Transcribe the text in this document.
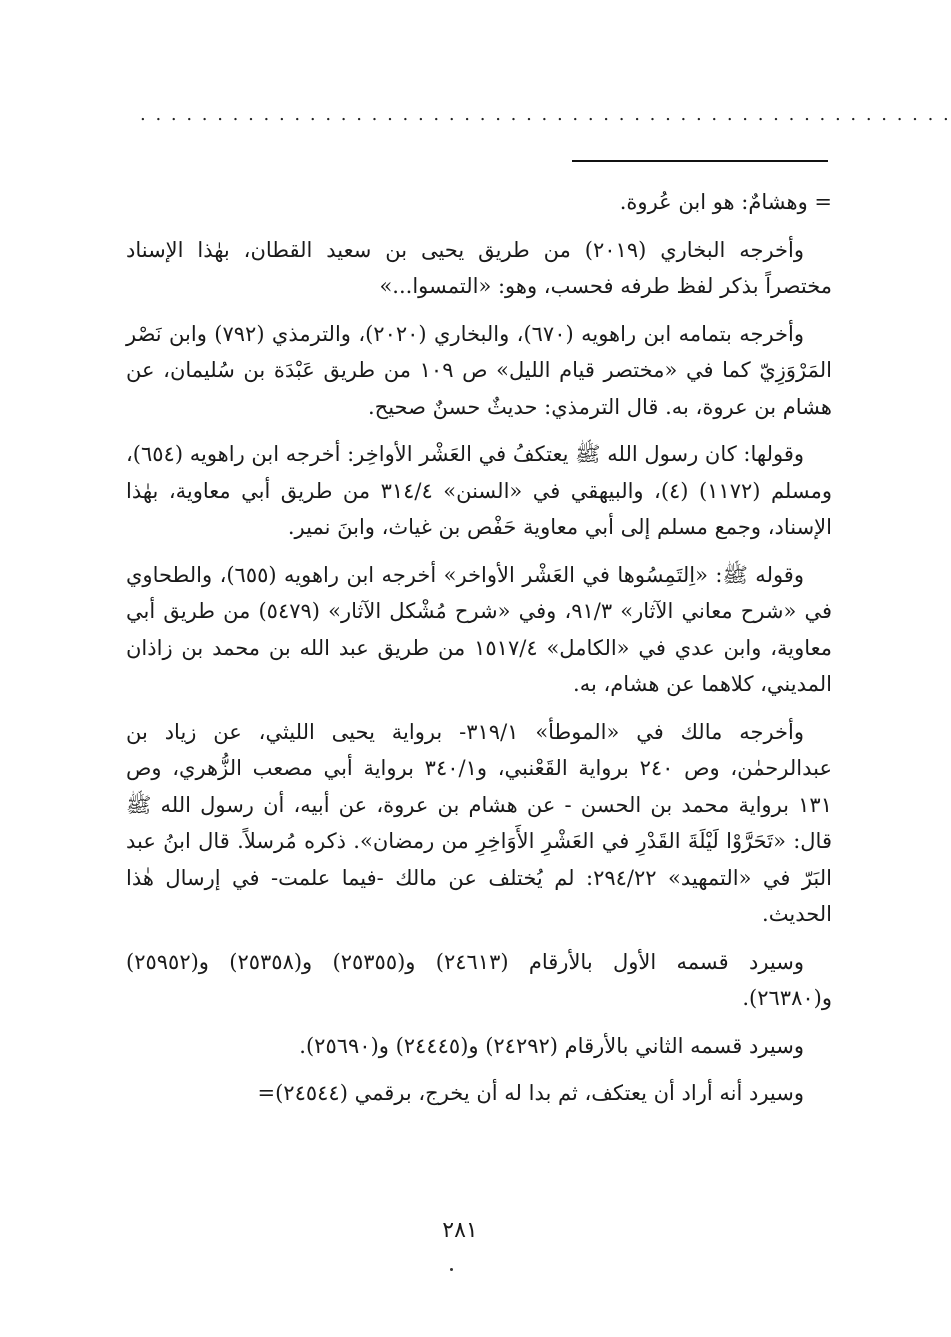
. . . . . . . . . . . . . . . . . . . . . . . . . . . . . . . . . . . . . . . . . . . . . . . . . . . . .

= وهشامٌ: هو ابن عُروة.

وأخرجه البخاري (٢٠١٩) من طريق يحيى بن سعيد القطان، بهٰذا الإسناد مختصراً بذكر لفظ طرفه فحسب، وهو: «التمسوا...»

وأخرجه بتمامه ابن راهويه (٦٧٠)، والبخاري (٢٠٢٠)، والترمذي (٧٩٢) وابن نَصْر المَرْوَزِيّ كما في «مختصر قيام الليل» ص ١٠٩ من طريق عَبْدَة بن سُليمان، عن هشام بن عروة، به. قال الترمذي: حديثٌ حسنٌ صحيح.

وقولها: كان رسول الله ﷺ يعتكفُ في العَشْر الأواخِر: أخرجه ابن راهويه (٦٥٤)، ومسلم (١١٧٢) (٤)، والبيهقي في «السنن» ٣١٤/٤ من طريق أبي معاوية، بهٰذا الإسناد، وجمع مسلم إلى أبي معاوية حَفْص بن غياث، وابنَ نمير.

وقوله ﷺ: «اِلتَمِسُوها في العَشْر الأواخر» أخرجه ابن راهويه (٦٥٥)، والطحاوي في «شرح معاني الآثار» ٩١/٣، وفي «شرح مُشْكل الآثار» (٥٤٧٩) من طريق أبي معاوية، وابن عدي في «الكامل» ١٥١٧/٤ من طريق عبد الله بن محمد بن زاذان المديني، كلاهما عن هشام، به.

وأخرجه مالك في «الموطأ» ٣١٩/١- برواية يحيى الليثي، عن زياد بن عبدالرحمٰن، وص ٢٤٠ برواية القَعْنبي، و٣٤٠/١ برواية أبي مصعب الزُّهري، وص ١٣١ برواية محمد بن الحسن - عن هشام بن عروة، عن أبيه، أن رسول الله ﷺ قال: «تَحَرَّوْا لَيْلَةَ القَدْرِ في العَشْرِ الأَوَاخِرِ من رمضان». ذكره مُرسلاً. قال ابنُ عبد البَرّ في «التمهيد» ٢٩٤/٢٢: لم يُختلف عن مالك -فيما علمت- في إرسال هٰذا الحديث.

وسيرد قسمه الأول بالأرقام (٢٤٦١٣) و(٢٥٣٥٥) و(٢٥٣٥٨) و(٢٥٩٥٢) و(٢٦٣٨٠).

وسيرد قسمه الثاني بالأرقام (٢٤٢٩٢) و(٢٤٤٤٥) و(٢٥٦٩٠).

وسيرد أنه أراد أن يعتكف، ثم بدا له أن يخرج، برقمي (٢٤٥٤٤)=

٢٨١
